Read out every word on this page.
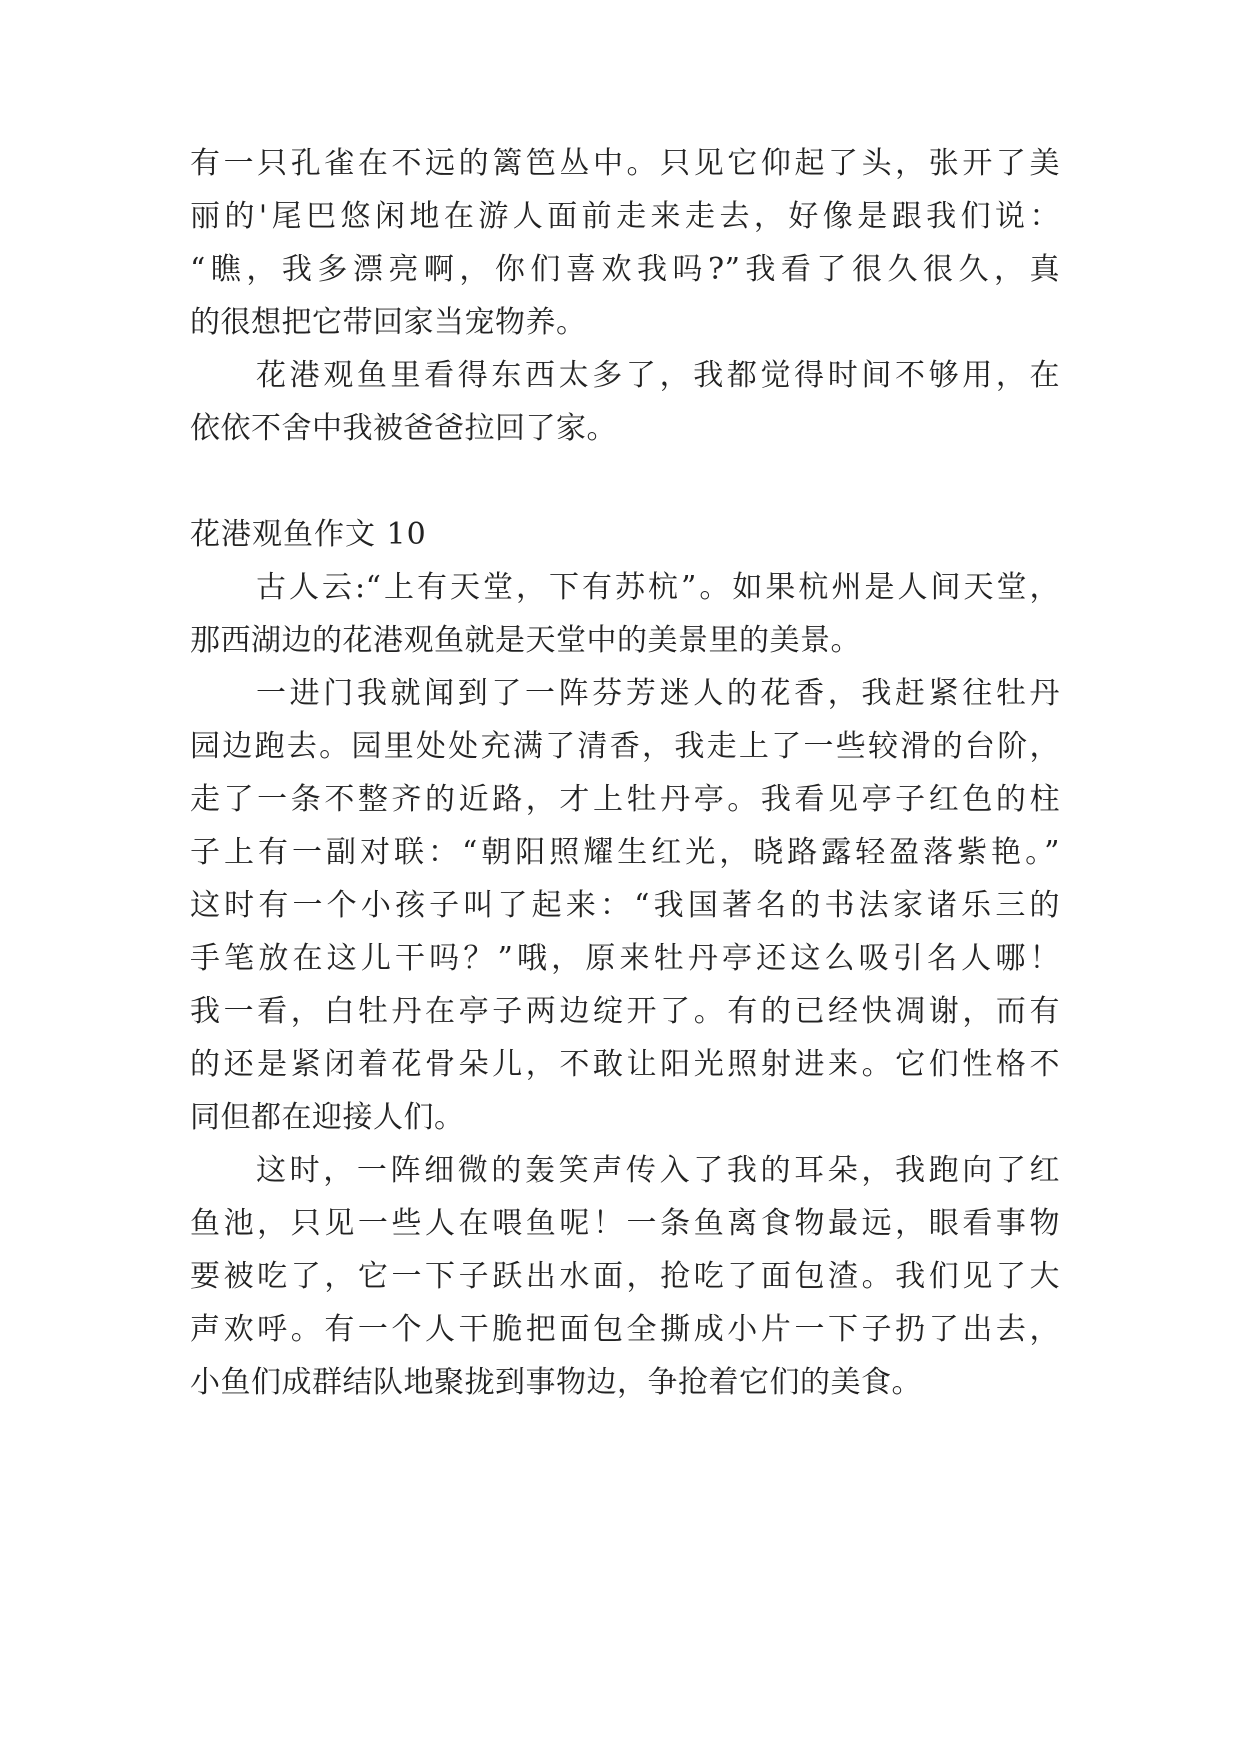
有一只孔雀在不远的篱笆丛中。只见它仰起了头，张开了美
丽的'尾巴悠闲地在游人面前走来走去，好像是跟我们说：
“瞧，我多漂亮啊，你们喜欢我吗?”我看了很久很久，真
的很想把它带回家当宠物养。
花港观鱼里看得东西太多了，我都觉得时间不够用，在
依依不舍中我被爸爸拉回了家。
花港观鱼作文 10
古人云:“上有天堂，下有苏杭”。如果杭州是人间天堂，
那西湖边的花港观鱼就是天堂中的美景里的美景。
一进门我就闻到了一阵芬芳迷人的花香，我赶紧往牡丹
园边跑去。园里处处充满了清香，我走上了一些较滑的台阶，
走了一条不整齐的近路，才上牡丹亭。我看见亭子红色的柱
子上有一副对联：“朝阳照耀生红光，晓路露轻盈落紫艳。”
这时有一个小孩子叫了起来：“我国著名的书法家诸乐三的
手笔放在这儿干吗？”哦，原来牡丹亭还这么吸引名人哪！
我一看，白牡丹在亭子两边绽开了。有的已经快凋谢，而有
的还是紧闭着花骨朵儿，不敢让阳光照射进来。它们性格不
同但都在迎接人们。
这时，一阵细微的轰笑声传入了我的耳朵，我跑向了红
鱼池，只见一些人在喂鱼呢！一条鱼离食物最远，眼看事物
要被吃了，它一下子跃出水面，抢吃了面包渣。我们见了大
声欢呼。有一个人干脆把面包全撕成小片一下子扔了出去，
小鱼们成群结队地聚拢到事物边，争抢着它们的美食。
